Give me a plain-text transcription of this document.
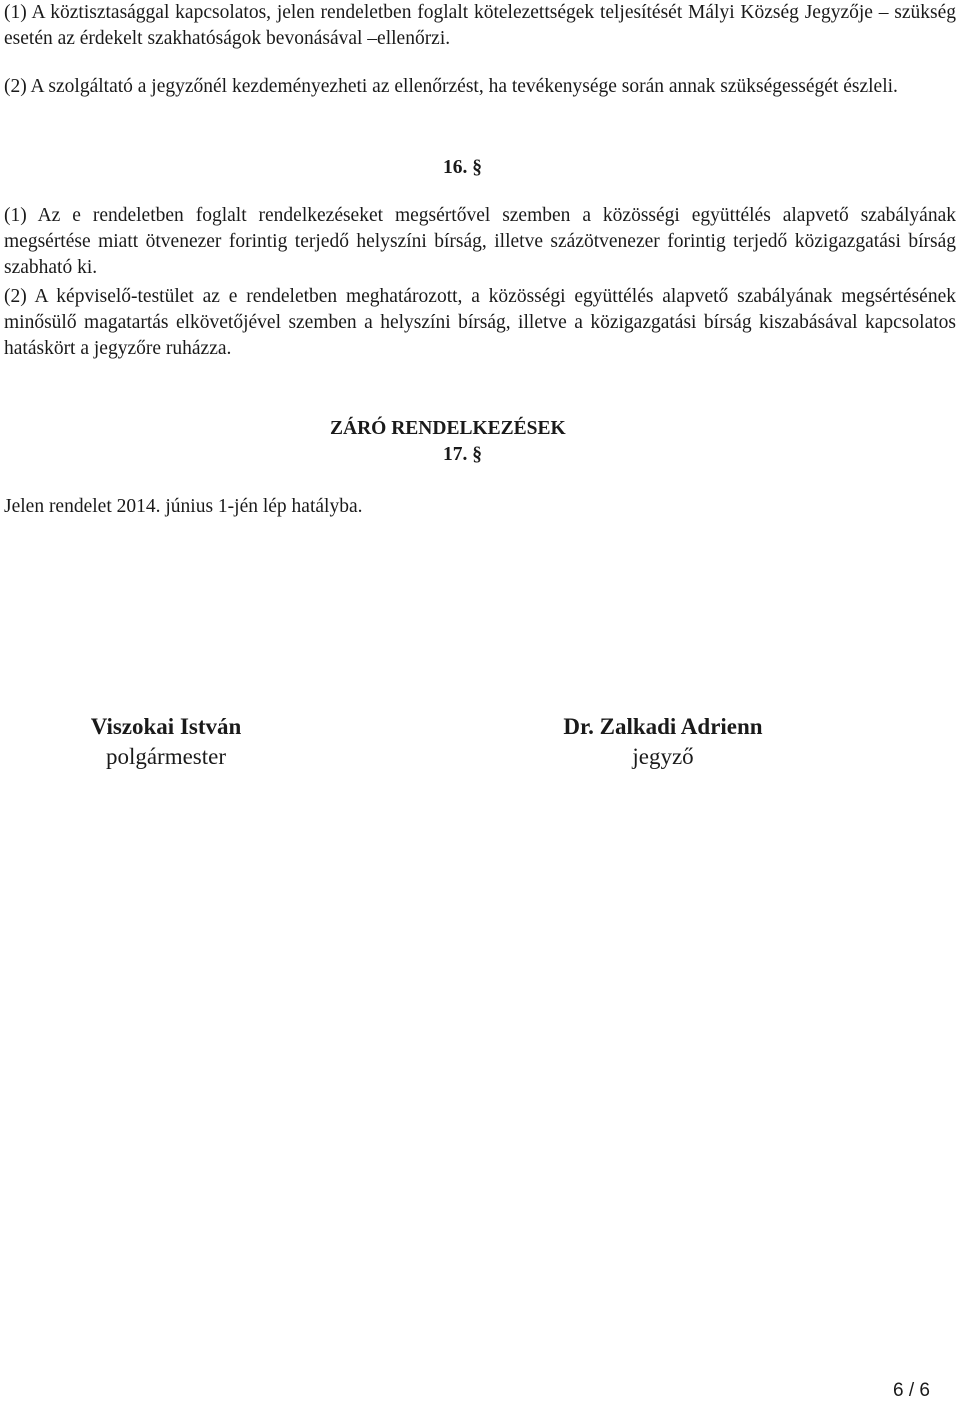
(1) A köztisztasággal kapcsolatos, jelen rendeletben foglalt kötelezettségek teljesítését Mályi Község Jegyzője – szükség esetén az érdekelt szakhatóságok bevonásával –ellenőrzi.
(2) A szolgáltató a jegyzőnél kezdeményezheti az ellenőrzést, ha tevékenysége során annak szükségességét észleli.
16. §
(1) Az e rendeletben foglalt rendelkezéseket megsértővel szemben a közösségi együttélés alapvető szabályának megsértése miatt ötvenezer forintig terjedő helyszíni bírság, illetve százötvenezer forintig terjedő közigazgatási bírság szabható ki.
(2) A képviselő-testület az e rendeletben meghatározott, a közösségi együttélés alapvető szabályának megsértésének minősülő magatartás elkövetőjével szemben a helyszíni bírság, illetve a közigazgatási bírság kiszabásával kapcsolatos hatáskört a jegyzőre ruházza.
ZÁRÓ RENDELKEZÉSEK
17. §
Jelen rendelet 2014. június 1-jén lép hatályba.
Viszokai István
polgármester
Dr. Zalkadi Adrienn
jegyző
6 / 6
